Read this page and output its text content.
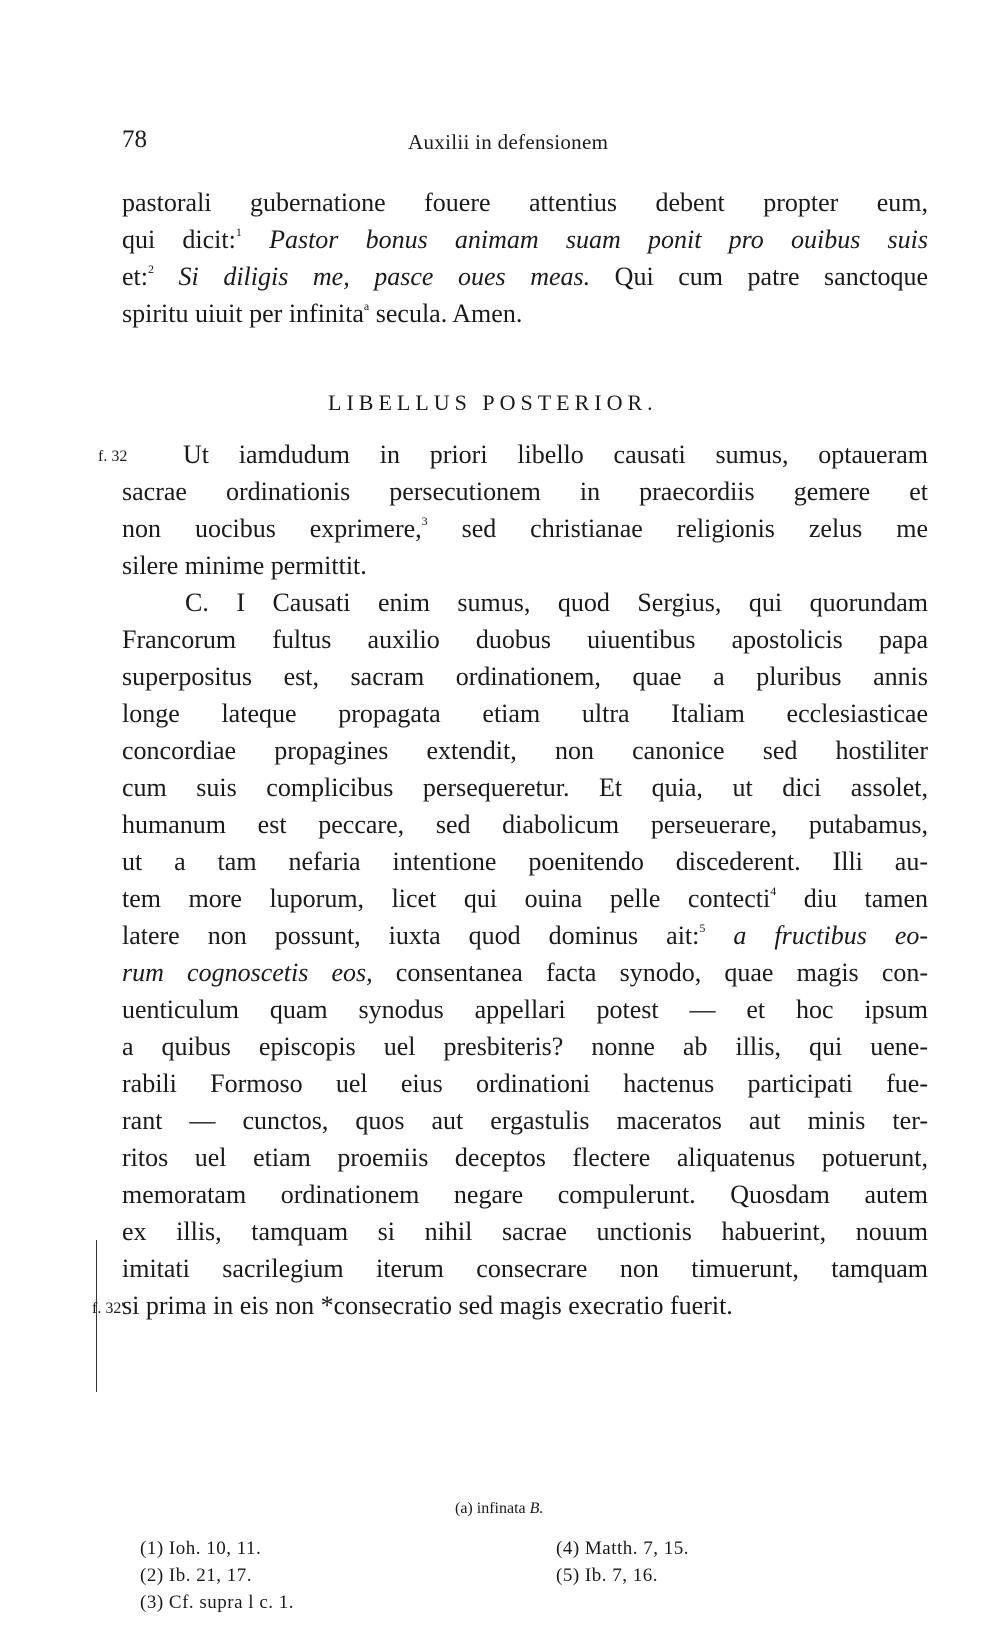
78	Auxilii in defensionem
pastorali gubernatione fouere attentius debent propter eum,
qui dicit:$^1$ Pastor bonus animam suam ponit pro ouibus suis
et:$^2$ Si diligis me, pasce oues meas. Qui cum patre sanctoque
spiritu uiuit per infinita$^a$ secula. Amen.
LIBELLUS POSTERIOR.
f. 32 Ut iamdudum in priori libello causati sumus, optaueram
sacrae ordinationis persecutionem in praecordiis gemere et
non uocibus exprimere,$^3$ sed christianae religionis zelus me
silere minime permittit.
C. I Causati enim sumus, quod Sergius, qui quorundam
Francorum fultus auxilio duobus uiuentibus apostolicis papa
superpositus est, sacram ordinationem, quae a pluribus annis
longe lateque propagata etiam ultra Italiam ecclesiasticae
concordiae propagines extendit, non canonice sed hostiliter
cum suis complicibus persequeretur. Et quia, ut dici assolet,
humanum est peccare, sed diabolicum perseuerare, putabamus,
ut a tam nefaria intentione poenitendo discederent. Illi au-
tem more luporum, licet qui ouina pelle contecti$^4$ diu tamen
latere non possunt, iuxta quod dominus ait:$^5$ a fructibus eo-
rum cognoscetis eos, consentanea facta synodo, quae magis con-
uenticulum quam synodus appellari potest — et hoc ipsum
a quibus episcopis uel presbiteris? nonne ab illis, qui uene-
rabili Formoso uel eius ordinationi hactenus participati fue-
rant — cunctos, quos aut ergastulis maceratos aut minis ter-
ritos uel etiam proemiis deceptos flectere aliquatenus potuerunt,
memoratam ordinationem negare compulerunt. Quosdam autem
ex illis, tamquam si nihil sacrae unctionis habuerint, nouum
imitati sacrilegium iterum consecrare non timuerunt, tamquam
si prima in eis non *consecratio sed magis execratio fuerit.
f. 32'
(a) infinata B.
(1) Ioh. 10, 11.
(2) Ib. 21, 17.
(3) Cf. supra l c. 1.
(4) Matth. 7, 15.
(5) Ib. 7, 16.
